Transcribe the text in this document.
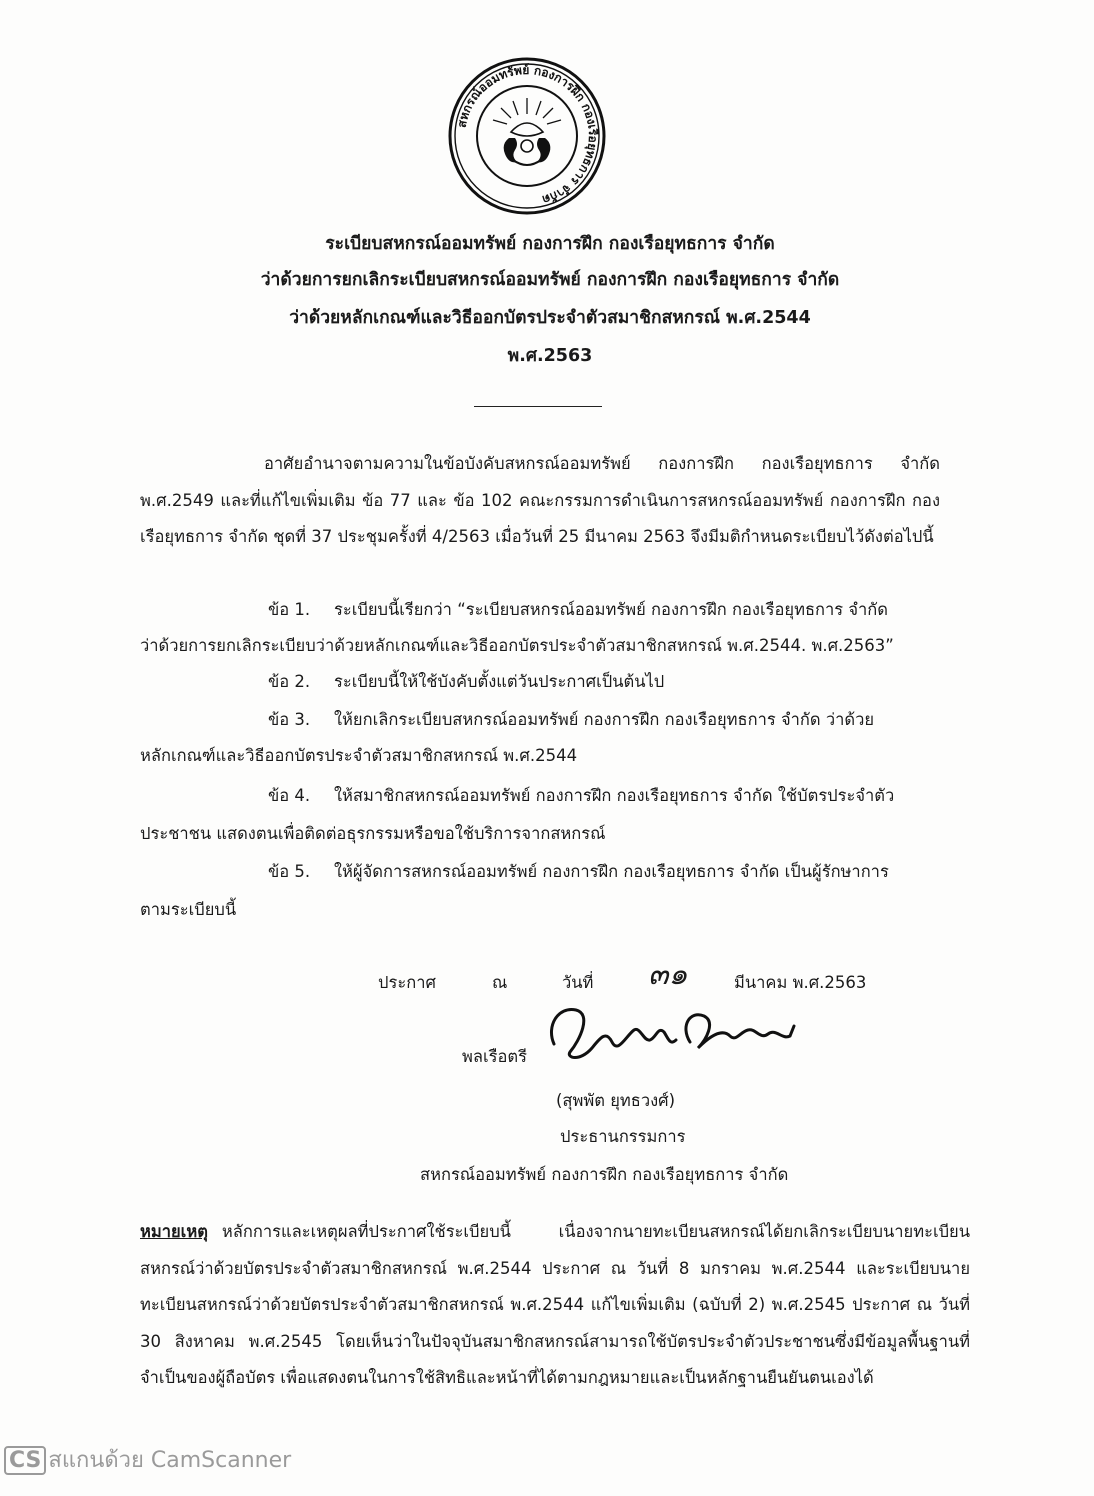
สหกรณ์ออมทรัพย์ กองการฝึก กองเรือยุทธการ จำกัด
ระเบียบสหกรณ์ออมทรัพย์ กองการฝึก กองเรือยุทธการ จำกัด
ว่าด้วยการยกเลิกระเบียบสหกรณ์ออมทรัพย์ กองการฝึก กองเรือยุทธการ จำกัด
ว่าด้วยหลักเกณฑ์และวิธีออกบัตรประจำตัวสมาชิกสหกรณ์ พ.ศ.2544
พ.ศ.2563
อาศัยอำนาจตามความในข้อบังคับสหกรณ์ออมทรัพย์ กองการฝึก กองเรือยุทธการ จำกัด พ.ศ.2549 และที่แก้ไขเพิ่มเติม ข้อ 77 และ ข้อ 102 คณะกรรมการดำเนินการสหกรณ์ออมทรัพย์ กองการฝึก กองเรือยุทธการ จำกัด ชุดที่ 37 ประชุมครั้งที่ 4/2563 เมื่อวันที่ 25 มีนาคม 2563 จึงมีมติกำหนดระเบียบไว้ดังต่อไปนี้
ข้อ 1. ระเบียบนี้เรียกว่า “ระเบียบสหกรณ์ออมทรัพย์ กองการฝึก กองเรือยุทธการ จำกัด
ว่าด้วยการยกเลิกระเบียบว่าด้วยหลักเกณฑ์และวิธีออกบัตรประจำตัวสมาชิกสหกรณ์ พ.ศ.2544. พ.ศ.2563”
ข้อ 2. ระเบียบนี้ให้ใช้บังคับตั้งแต่วันประกาศเป็นต้นไป
ข้อ 3. ให้ยกเลิกระเบียบสหกรณ์ออมทรัพย์ กองการฝึก กองเรือยุทธการ จำกัด ว่าด้วย
หลักเกณฑ์และวิธีออกบัตรประจำตัวสมาชิกสหกรณ์ พ.ศ.2544
ข้อ 4. ให้สมาชิกสหกรณ์ออมทรัพย์ กองการฝึก กองเรือยุทธการ จำกัด ใช้บัตรประจำตัว
ประชาชน แสดงตนเพื่อติดต่อธุรกรรมหรือขอใช้บริการจากสหกรณ์
ข้อ 5. ให้ผู้จัดการสหกรณ์ออมทรัพย์ กองการฝึก กองเรือยุทธการ จำกัด เป็นผู้รักษาการ
ตามระเบียบนี้
ประกาศ	ณ	วันที่ ๓๑	มีนาคม พ.ศ.2563
พลเรือตรี
(สุพพัต ยุทธวงศ์)
ประธานกรรมการ
สหกรณ์ออมทรัพย์ กองการฝึก กองเรือยุทธการ จำกัด
หมายเหตุ หลักการและเหตุผลที่ประกาศใช้ระเบียบนี้ เนื่องจากนายทะเบียนสหกรณ์ได้ยกเลิกระเบียบนายทะเบียนสหกรณ์ว่าด้วยบัตรประจำตัวสมาชิกสหกรณ์ พ.ศ.2544 ประกาศ ณ วันที่ 8 มกราคม พ.ศ.2544 และระเบียบนายทะเบียนสหกรณ์ว่าด้วยบัตรประจำตัวสมาชิกสหกรณ์ พ.ศ.2544 แก้ไขเพิ่มเติม (ฉบับที่ 2) พ.ศ.2545 ประกาศ ณ วันที่ 30 สิงหาคม พ.ศ.2545 โดยเห็นว่าในปัจจุบันสมาชิกสหกรณ์สามารถใช้บัตรประจำตัวประชาชนซึ่งมีข้อมูลพื้นฐานที่จำเป็นของผู้ถือบัตร เพื่อแสดงตนในการใช้สิทธิและหน้าที่ได้ตามกฎหมายและเป็นหลักฐานยืนยันตนเองได้
CS สแกนด้วย CamScanner
